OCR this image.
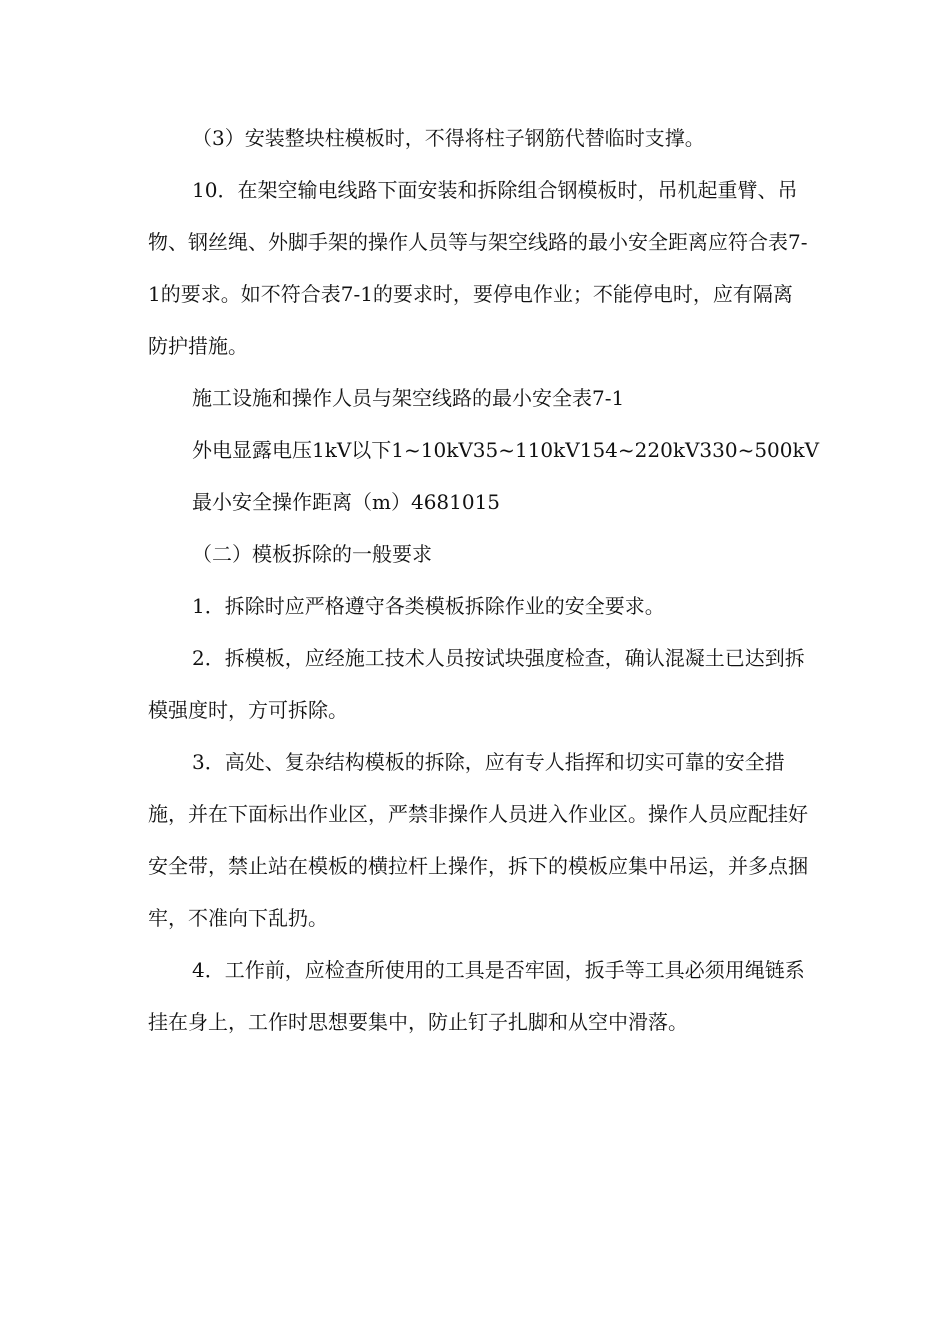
（3）安装整块柱模板时，不得将柱子钢筋代替临时支撑。

10．在架空输电线路下面安装和拆除组合钢模板时，吊机起重臂、吊物、钢丝绳、外脚手架的操作人员等与架空线路的最小安全距离应符合表7-1的要求。如不符合表7-1的要求时，要停电作业；不能停电时，应有隔离防护措施。

施工设施和操作人员与架空线路的最小安全表7-1

外电显露电压1kV以下1~10kV35~110kV154~220kV330~500kV

最小安全操作距离（m）4681015

（二）模板拆除的一般要求

1．拆除时应严格遵守各类模板拆除作业的安全要求。

2．拆模板，应经施工技术人员按试块强度检查，确认混凝土已达到拆模强度时，方可拆除。

3．高处、复杂结构模板的拆除，应有专人指挥和切实可靠的安全措施，并在下面标出作业区，严禁非操作人员进入作业区。操作人员应配挂好安全带，禁止站在模板的横拉杆上操作，拆下的模板应集中吊运，并多点捆牢，不准向下乱扔。

4．工作前，应检查所使用的工具是否牢固，扳手等工具必须用绳链系挂在身上，工作时思想要集中，防止钉子扎脚和从空中滑落。
